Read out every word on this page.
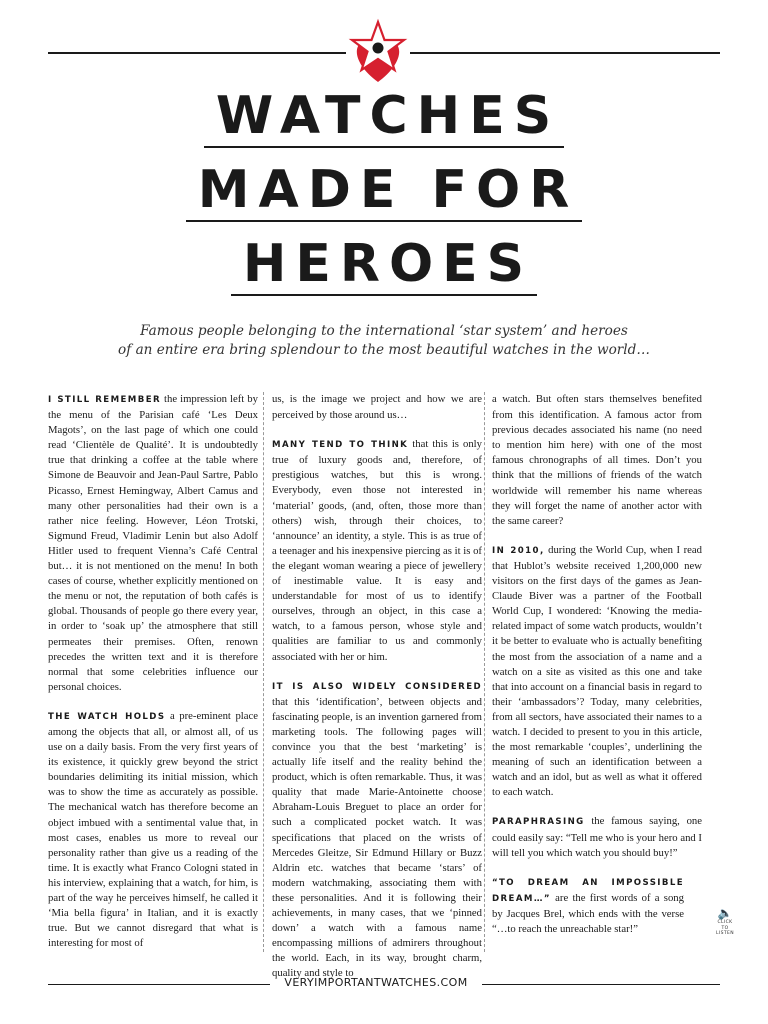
WATCHES
MADE FOR
HEROES

Famous people belonging to the international ‘star system’ and heroes
of an entire era bring splendour to the most beautiful watches in the world…

I STILL REMEMBER the impression left by the menu of the Parisian café ‘Les Deux Magots’, on the last page of which one could read ‘Clientèle de Qualité’. It is undoubtedly true that drinking a coffee at the table where Simone de Beauvoir and Jean-Paul Sartre, Pablo Picasso, Ernest Hemingway, Albert Camus and many other personalities had their own is a rather nice feeling. However, Léon Trotski, Sigmund Freud, Vladimir Lenin but also Adolf Hitler used to frequent Vienna’s Café Central but… it is not mentioned on the menu! In both cases of course, whether explicitly mentioned on the menu or not, the reputation of both cafés is global. Thousands of people go there every year, in order to ‘soak up’ the atmosphere that still permeates their premises. Often, renown precedes the written text and it is therefore normal that some celebrities influence our personal choices.

THE WATCH HOLDS a pre-eminent place among the objects that all, or almost all, of us use on a daily basis. From the very first years of its existence, it quickly grew beyond the strict boundaries delimiting its initial mission, which was to show the time as accurately as possible. The mechanical watch has therefore become an object imbued with a sentimental value that, in most cases, enables us more to reveal our personality rather than give us a reading of the time. It is exactly what Franco Cologni stated in his interview, explaining that a watch, for him, is part of the way he perceives himself, he called it ‘Mia bella figura’ in Italian, and it is exactly true. But we cannot disregard that what is interesting for most of

us, is the image we project and how we are perceived by those around us…

MANY TEND TO THINK that this is only true of luxury goods and, therefore, of prestigious watches, but this is wrong. Everybody, even those not interested in ‘material’ goods, (and, often, those more than others) wish, through their choices, to ‘announce’ an identity, a style. This is as true of a teenager and his inexpensive piercing as it is of the elegant woman wearing a piece of jewellery of inestimable value. It is easy and understandable for most of us to identify ourselves, through an object, in this case a watch, to a famous person, whose style and qualities are familiar to us and commonly associated with her or him.

IT IS ALSO WIDELY CONSIDERED that this ‘identification’, between objects and fascinating people, is an invention garnered from marketing tools. The following pages will convince you that the best ‘marketing’ is actually life itself and the reality behind the product, which is often remarkable. Thus, it was quality that made Marie-Antoinette choose Abraham-Louis Breguet to place an order for such a complicated pocket watch. It was specifications that placed on the wrists of Mercedes Gleitze, Sir Edmund Hillary or Buzz Aldrin etc. watches that became ‘stars’ of modern watchmaking, associating them with these personalities. And it is following their achievements, in many cases, that we ‘pinned down’ a watch with a famous name encompassing millions of admirers throughout the world. Each, in its way, brought charm, quality and style to

a watch. But often stars themselves benefited from this identification. A famous actor from previous decades associated his name (no need to mention him here) with one of the most famous chronographs of all times. Don’t you think that the millions of friends of the watch worldwide will remember his name whereas they will forget the name of another actor with the same career?

IN 2010, during the World Cup, when I read that Hublot’s website received 1,200,000 new visitors on the first days of the games as Jean-Claude Biver was a partner of the Football World Cup, I wondered: ‘Knowing the media-related impact of some watch products, wouldn’t it be better to evaluate who is actually benefiting the most from the association of a name and a watch on a site as visited as this one and take that into account on a financial basis in regard to their ‘ambassadors’? Today, many celebrities, from all sectors, have associated their names to a watch. I decided to present to you in this article, the most remarkable ‘couples’, underlining the meaning of such an identification between a watch and an idol, but as well as what it offered to each watch.

PARAPHRASING the famous saying, one could easily say: “Tell me who is your hero and I will tell you which watch you should buy!”

“TO DREAM AN IMPOSSIBLE DREAM…” are the first words of a song by Jacques Brel, which ends with the verse “…to reach the unreachable star!”

🔈
CLICK
TO
LISTEN
VERYIMPORTANTWATCHES.COM
